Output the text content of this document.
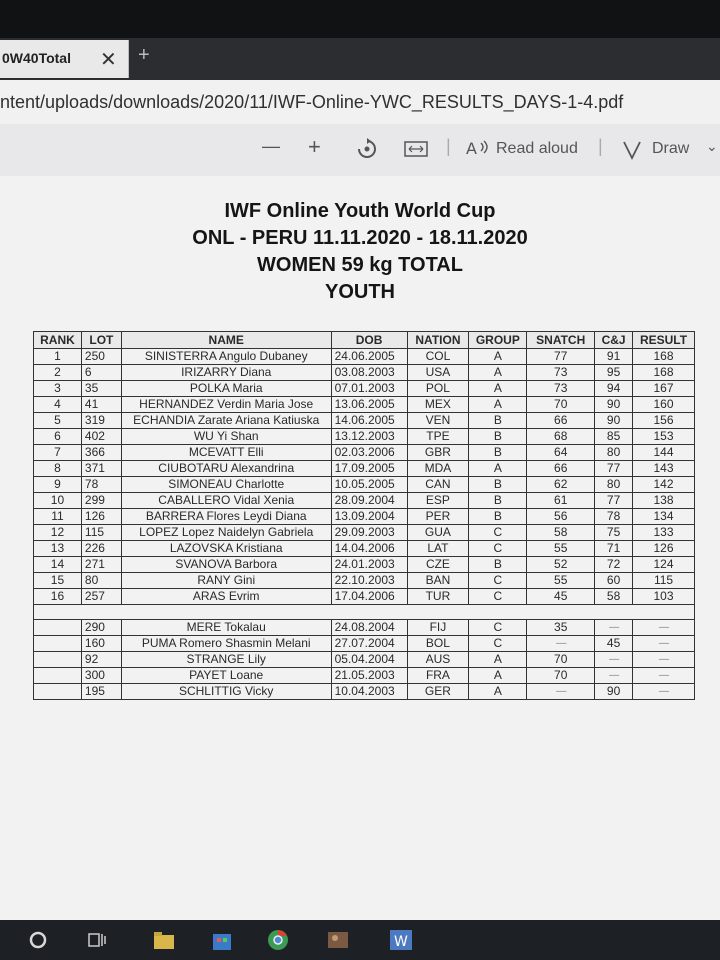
0W40Total ✕ +
ntent/uploads/downloads/2020/11/IWF-Online-YWC_RESULTS_DAYS-1-4.pdf
— +	| A Read aloud |	Draw ⌄
IWF Online Youth World Cup
ONL - PERU 11.11.2020 - 18.11.2020
WOMEN 59 kg TOTAL
YOUTH
RANK	LOT	NAME	DOB	NATION	GROUP	SNATCH	C&J	RESULT
1	250	SINISTERRA Angulo Dubaney	24.06.2005	COL	A	77	91	168
2	6	IRIZARRY Diana	03.08.2003	USA	A	73	95	168
3	35	POLKA Maria	07.01.2003	POL	A	73	94	167
4	41	HERNANDEZ Verdin Maria Jose	13.06.2005	MEX	A	70	90	160
5	319	ECHANDIA Zarate Ariana Katiuska	14.06.2005	VEN	B	66	90	156
6	402	WU Yi Shan	13.12.2003	TPE	B	68	85	153
7	366	MCEVATT Elli	02.03.2006	GBR	B	64	80	144
8	371	CIUBOTARU Alexandrina	17.09.2005	MDA	A	66	77	143
9	78	SIMONEAU Charlotte	10.05.2005	CAN	B	62	80	142
10	299	CABALLERO Vidal Xenia	28.09.2004	ESP	B	61	77	138
11	126	BARRERA Flores Leydi Diana	13.09.2004	PER	B	56	78	134
12	115	LOPEZ Lopez Naidelyn Gabriela	29.09.2003	GUA	C	58	75	133
13	226	LAZOVSKA Kristiana	14.04.2006	LAT	C	55	71	126
14	271	SVANOVA Barbora	24.01.2003	CZE	B	52	72	124
15	80	RANY Gini	22.10.2003	BAN	C	55	60	115
16	257	ARAS Evrim	17.04.2006	TUR	C	45	58	103

	290	MERE Tokalau	24.08.2004	FIJ	C	35	-----	-----
	160	PUMA Romero Shasmin Melani	27.07.2004	BOL	C	-----	45	-----
	92	STRANGE Lily	05.04.2004	AUS	A	70	-----	-----
	300	PAYET Loane	21.05.2003	FRA	A	70	-----	-----
	195	SCHLITTIG Vicky	10.04.2003	GER	A	-----	90	-----
W
